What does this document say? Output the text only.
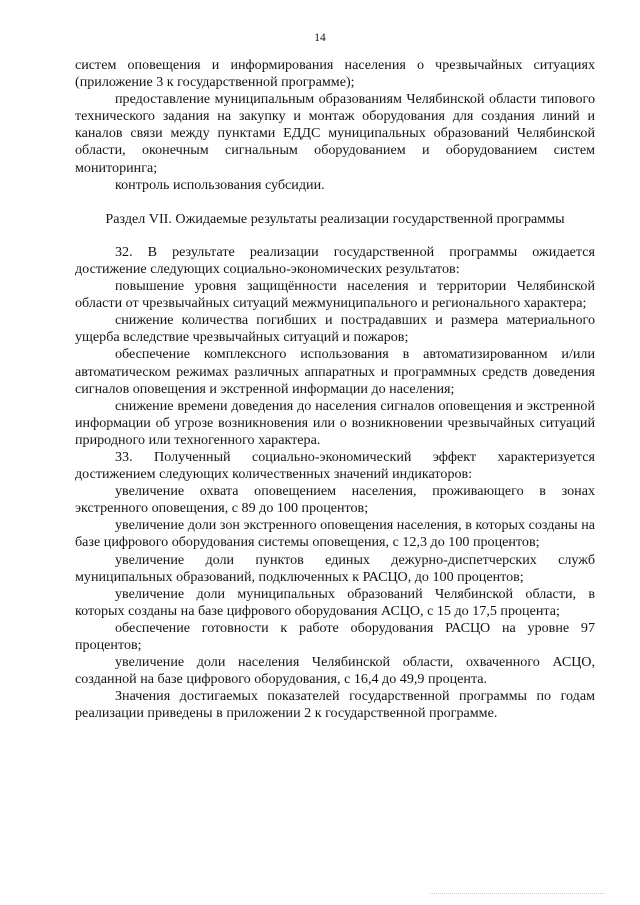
14

систем оповещения и информирования населения о чрезвычайных ситуациях (приложение 3 к государственной программе);

предоставление муниципальным образованиям Челябинской области типового технического задания на закупку и монтаж оборудования для создания линий и каналов связи между пунктами ЕДДС муниципальных образований Челябинской области, оконечным сигнальным оборудованием и оборудованием систем мониторинга;

контроль использования субсидии.

Раздел VII. Ожидаемые результаты реализации государственной программы

32. В результате реализации государственной программы ожидается достижение следующих социально-экономических результатов:

повышение уровня защищённости населения и территории Челябинской области от чрезвычайных ситуаций межмуниципального и регионального характера;

снижение количества погибших и пострадавших и размера материального ущерба вследствие чрезвычайных ситуаций и пожаров;

обеспечение комплексного использования в автоматизированном и/или автоматическом режимах различных аппаратных и программных средств доведения сигналов оповещения и экстренной информации до населения;

снижение времени доведения до населения сигналов оповещения и экстренной информации об угрозе возникновения или о возникновении чрезвычайных ситуаций природного или техногенного характера.

33. Полученный социально-экономический эффект характеризуется достижением следующих количественных значений индикаторов:

увеличение охвата оповещением населения, проживающего в зонах экстренного оповещения, с 89 до 100 процентов;

увеличение доли зон экстренного оповещения населения, в которых созданы на базе цифрового оборудования системы оповещения, с 12,3 до 100 процентов;

увеличение доли пунктов единых дежурно-диспетчерских служб муниципальных образований, подключенных к РАСЦО, до 100 процентов;

увеличение доли муниципальных образований Челябинской области, в которых созданы на базе цифрового оборудования АСЦО, с 15 до 17,5 процента;

обеспечение готовности к работе оборудования РАСЦО на уровне 97 процентов;

увеличение доли населения Челябинской области, охваченного АСЦО, созданной на базе цифрового оборудования, с 16,4 до 49,9 процента.

Значения достигаемых показателей государственной программы по годам реализации приведены в приложении 2 к государственной программе.
